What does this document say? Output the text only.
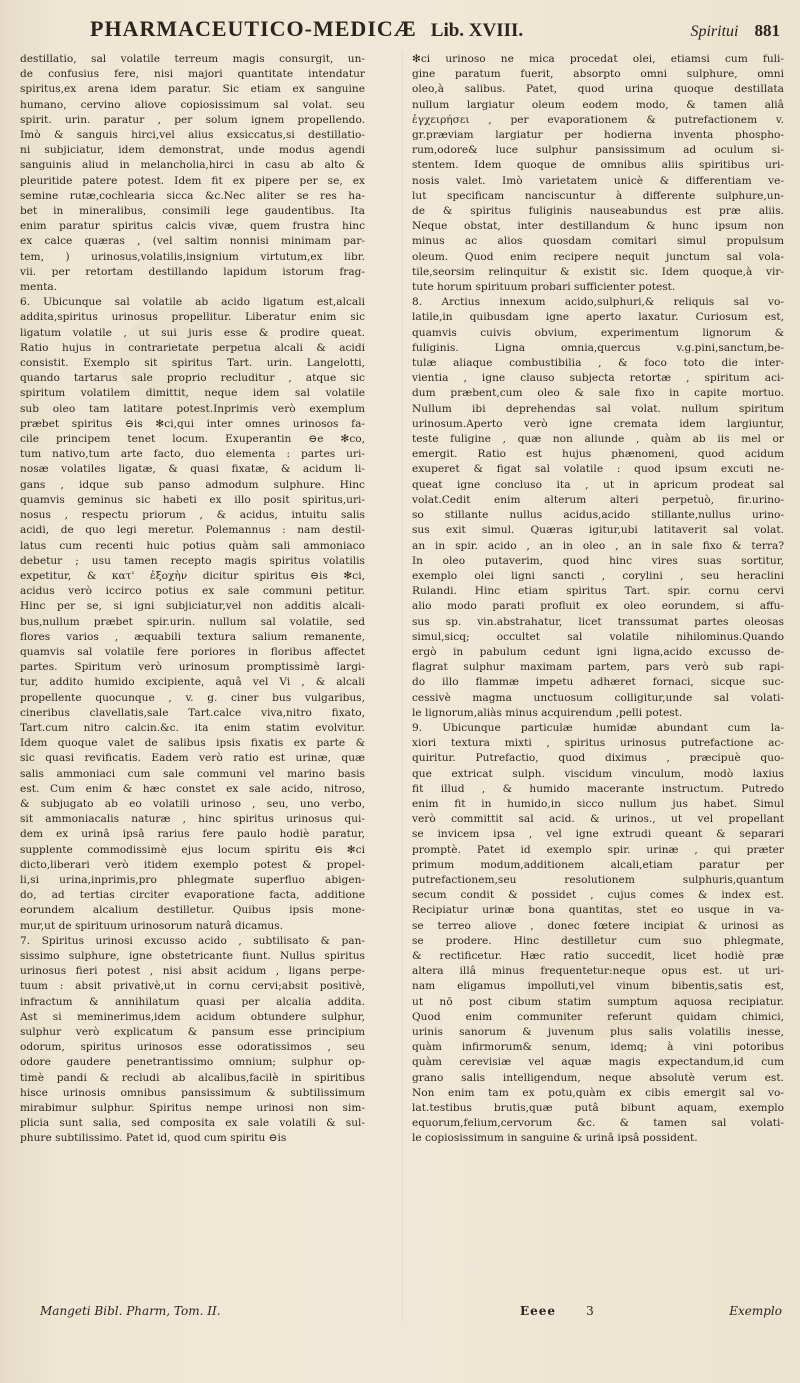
PHARMACEUTICO-MEDICÆ Lib. XVIII.	Spiritui 881
destillatio, sal volatile terreum magis consurgit, un-
de confusius fere, nisi majori quantitate intendatur
spiritus,ex arena idem paratur. Sic etiam ex sanguine
humano, cervino aliove copiosissimum sal volat. seu
spirit. urin. paratur , per solum ignem propellendo.
Imò & sanguis hirci,vel alius exsiccatus,si destillatio-
ni subjiciatur, idem demonstrat, unde modus agendi
sanguinis aliud in melancholia,hirci in casu ab alto &
pleuritide patere potest. Idem fit ex pipere per se, ex
semine rutæ,cochlearia sicca &c.Nec aliter se res ha-
bet in mineralibus, consimili lege gaudentibus. Ita
enim paratur spiritus calcis vivæ, quem frustra hinc
ex calce quæras , (vel saltim nonnisi minimam par-
tem, ) urinosus,volatilis,insignium virtutum,ex libr.
vii. per retortam destillando lapidum istorum frag-
menta.
6. Ubicunque sal volatile ab acido ligatum est,alcali
addita,spiritus urinosus propellitur. Liberatur enim sic
ligatum volatile , ut sui juris esse & prodire queat.
Ratio hujus in contrarietate perpetua alcali & acidi
consistit. Exemplo sit spiritus Tart. urin. Langelotti,
quando tartarus sale proprio recluditur , atque sic
spiritum volatilem dimittit, neque idem sal volatile
sub oleo tam latitare potest.Inprimis verò exemplum
præbet spiritus ⊖is ✻ci,qui inter omnes urinosos fa-
cile principem tenet locum. Exuperantin ⊖e ✻co,
tum nativo,tum arte facto, duo elementa : partes uri-
nosæ volatiles ligatæ, & quasi fixatæ, & acidum li-
gans , idque sub panso admodum sulphure. Hinc
quamvis geminus sic habeti ex illo posit spiritus,uri-
nosus , respectu priorum , & acidus, intuitu salis
acidi, de quo legi meretur. Polemannus : nam destil-
latus cum recenti huic potius quàm sali ammoniaco
debetur ; usu tamen recepto magis spiritus volatilis
expetitur, & κατ' ἐξοχὴν dicitur spiritus ⊖is ✻ci,
acidus verò iccirco potius ex sale communi petitur.
Hinc per se, si igni subjiciatur,vel non additis alcali-
bus,nullum præbet spir.urin. nullum sal volatile, sed
flores varios , æquabili textura salium remanente,
quamvis sal volatile fere poriores in floribus affectet
partes. Spiritum verò urinosum promptissimè largi-
tur, addito humido excipiente, aquâ vel Vi , & alcali
propellente quocunque , v. g. ciner bus vulgaribus,
cineribus clavellatis,sale Tart.calce viva,nitro fixato,
Tart.cum nitro calcin.&c. ita enim statim evolvitur.
Idem quoque valet de salibus ipsis fixatis ex parte &
sic quasi revificatis. Eadem verò ratio est urinæ, quæ
salis ammoniaci cum sale communi vel marino basis
est. Cum enim & hæc constet ex sale acido, nitroso,
& subjugato ab eo volatili urinoso , seu, uno verbo,
sit ammoniacalis naturæ , hinc spiritus urinosus qui-
dem ex urinâ ipsâ rarius fere paulo hodiè paratur,
supplente commodissimè ejus locum spiritu ⊖is ✻ci
dicto,liberari verò itidem exemplo potest & propel-
li,si urina,inprimis,pro phlegmate superfluo abigen-
do, ad tertias circiter evaporatione facta, additione
eorundem alcalium destilletur. Quibus ipsis mone-
mur,ut de spirituum urinosorum naturâ dicamus.
7. Spiritus urinosi excusso acido , subtilisato & pan-
sissimo sulphure, igne obstetricante fiunt. Nullus spiritus
urinosus fieri potest , nisi absit acidum , ligans perpe-
tuum : absit privativè,ut in cornu cervi;absit positivè,
infractum & annihilatum quasi per alcalia addita.
Ast si meminerimus,idem acidum obtundere sulphur,
sulphur verò explicatum & pansum esse principium
odorum, spiritus urinosos esse odoratissimos , seu
odore gaudere penetrantissimo omnium; sulphur op-
timè pandi & recludi ab alcalibus,facilè in spiritibus
hisce urinosis omnibus pansissimum & subtilissimum
mirabimur sulphur. Spiritus nempe urinosi non sim-
plicia sunt salia, sed composita ex sale volatili & sul-
phure subtilissimo. Patet id, quod cum spiritu ⊖is
✻ci urinoso ne mica procedat olei, etiamsi cum fuli-
gine paratum fuerit, absorpto omni sulphure, omni
oleo,à salibus. Patet, quod urina quoque destillata
nullum largiatur oleum eodem modo, & tamen aliâ
ἐγχειρήσει , per evaporationem & putrefactionem v.
gr.præviam largiatur per hodierna inventa phospho-
rum,odore& luce sulphur pansissimum ad oculum si-
stentem. Idem quoque de omnibus aliis spiritibus uri-
nosis valet. Imò varietatem unicè & differentiam ve-
lut specificam nanciscuntur à differente sulphure,un-
de & spiritus fuliginis nauseabundus est præ aliis.
Neque obstat, inter destillandum & hunc ipsum non
minus ac alios quosdam comitari simul propulsum
oleum. Quod enim recipere nequit junctum sal vola-
tile,seorsim relinquitur & existit sic. Idem quoque,à vir-
tute horum spirituum probari sufficienter potest.
8. Arctius innexum acido,sulphuri,& reliquis sal vo-
latile,in quibusdam igne aperto laxatur. Curiosum est,
quamvis cuivis obvium, experimentum lignorum &
fuliginis. Ligna omnia,quercus v.g.pini,sanctum,be-
tulæ aliaque combustibilia , & foco toto die inter-
vientia , igne clauso subjecta retortæ , spiritum aci-
dum præbent,cum oleo & sale fixo in capite mortuo.
Nullum ibi deprehendas sal volat. nullum spiritum
urinosum.Aperto verò igne cremata idem largiuntur,
teste fuligine , quæ non aliunde , quàm ab iis mel or
emergit. Ratio est hujus phænomeni, quod acidum
exuperet & figat sal volatile : quod ipsum excuti ne-
queat igne concluso ita , ut in apricum prodeat sal
volat.Cedit enim alterum alteri perpetuò, fir.urino-
so stillante nullus acidus,acido stillante,nullus urino-
sus exit simul. Quæras igitur,ubi latitaverit sal volat.
an in spir. acido , an in oleo , an in sale fixo & terra?
In oleo putaverim, quod hinc vires suas sortitur,
exemplo olei ligni sancti , corylini , seu heraclini
Rulandi. Hinc etiam spiritus Tart. spir. cornu cervi
alio modo parati profluit ex oleo eorundem, si affu-
sus sp. vin.abstrahatur, licet transsumat partes oleosas
simul,sicq; occultet sal volatile nihilominus.Quando
ergò in pabulum cedunt igni ligna,acido excusso de-
flagrat sulphur maximam partem, pars verò sub rapi-
do illo flammæ impetu adhæret fornaci, sicque suc-
cessivè magma unctuosum colligitur,unde sal volati-
le lignorum,aliàs minus acquirendum ,pelli potest.
9. Ubicunque particulæ humidæ abundant cum la-
xiori textura mixti , spiritus urinosus putrefactione ac-
quiritur. Putrefactio, quod diximus , præcipuè quo-
que extricat sulph. viscidum vinculum, modò laxius
fit illud , & humido macerante instructum. Putredo
enim fit in humido,in sicco nullum jus habet. Simul
verò committit sal acid. & urinos., ut vel propellant
se invicem ipsa , vel igne extrudi queant & separari
promptè. Patet id exemplo spir. urinæ , qui præter
primum modum,additionem alcali,etiam paratur per
putrefactionem,seu resolutionem sulphuris,quantum
secum condit & possidet , cujus comes & index est.
Recipiatur urinæ bona quantitas, stet eo usque in va-
se terreo aliove , donec fœtere incipiat & urinosi as
se prodere. Hinc destilletur cum suo phlegmate,
& rectificetur. Hæc ratio succedit, licet hodiè præ
altera illâ minus frequentetur:neque opus est. ut uri-
nam eligamus impolluti,vel vinum bibentis,satis est,
ut nō post cibum statim sumptum aquosa recipiatur.
Quod enim communiter referunt quidam chimici,
urinis sanorum & juvenum plus salis volatilis inesse,
quàm infirmorum& senum, idemq; à vini potoribus
quàm cerevisiæ vel aquæ magis expectandum,id cum
grano salis intelligendum, neque absolutè verum est.
Non enim tam ex potu,quàm ex cibis emergit sal vo-
lat.testibus brutis,quæ putâ bibunt aquam, exemplo
equorum,felium,cervorum &c. & tamen sal volati-
le copiosissimum in sanguine & urinâ ipsâ possident.
Mangeti Bibl. Pharm, Tom. II.	Eeee	3	Exemplo
